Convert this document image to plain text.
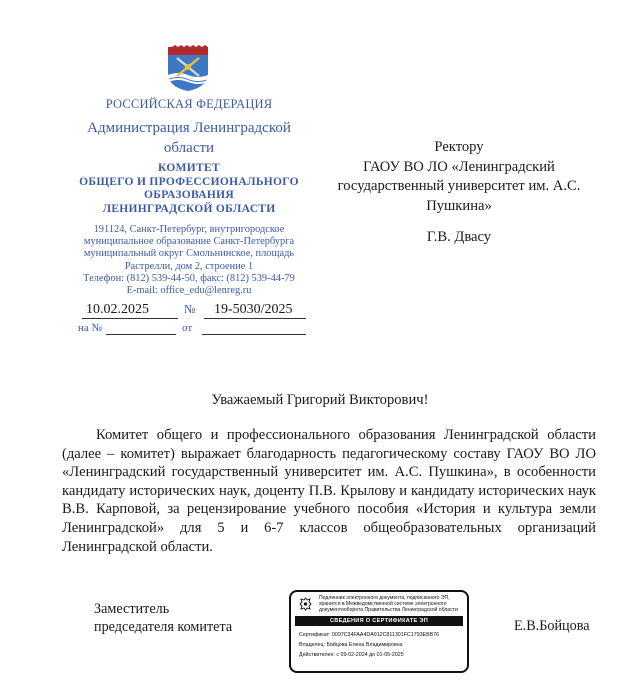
РОССИЙСКАЯ ФЕДЕРАЦИЯ
Администрация Ленинградской
области
КОМИТЕТ
ОБЩЕГО И ПРОФЕССИОНАЛЬНОГО
ОБРАЗОВАНИЯ
ЛЕНИНГРАДСКОЙ ОБЛАСТИ
191124, Санкт-Петербург, внутригородское
муниципальное образование Санкт-Петербурга
муниципальный округ Смольнинское, площадь
Растрелли, дом 2, строение 1
Телефон: (812) 539-44-50, факс: (812) 539-44-79
E-mail: office_edu@lenreg.ru
10.02.2025	№ 19-5030/2025
на №	от
Ректору
ГАОУ ВО ЛО «Ленинградский
государственный университет им. А.С.
Пушкина»
Г.В. Двасу
Уважаемый Григорий Викторович!
Комитет общего и профессионального образования Ленинградской области (далее – комитет) выражает благодарность педагогическому составу ГАОУ ВО ЛО «Ленинградский государственный университет им. А.С. Пушкина», в особенности кандидату исторических наук, доценту П.В. Крылову и кандидату исторических наук В.В. Карповой, за рецензирование учебного пособия «История и культура земли Ленинградской» для 5 и 6-7 классов общеобразовательных организаций Ленинградской области.
Заместитель
председателя комитета
Подлинник электронного документа, подписанного ЭП, хранится в Межведомственной системе электронного документооборота Правительства Ленинградской области
СВЕДЕНИЯ О СЕРТИФИКАТЕ ЭП
Сертификат: 0097C34FAA4DA912C811301FC1793EBB76
Владелец: Бойцова Елена Владимировна
Действителен: с 09-02-2024 до 01-05-2025
Е.В.Бойцова
